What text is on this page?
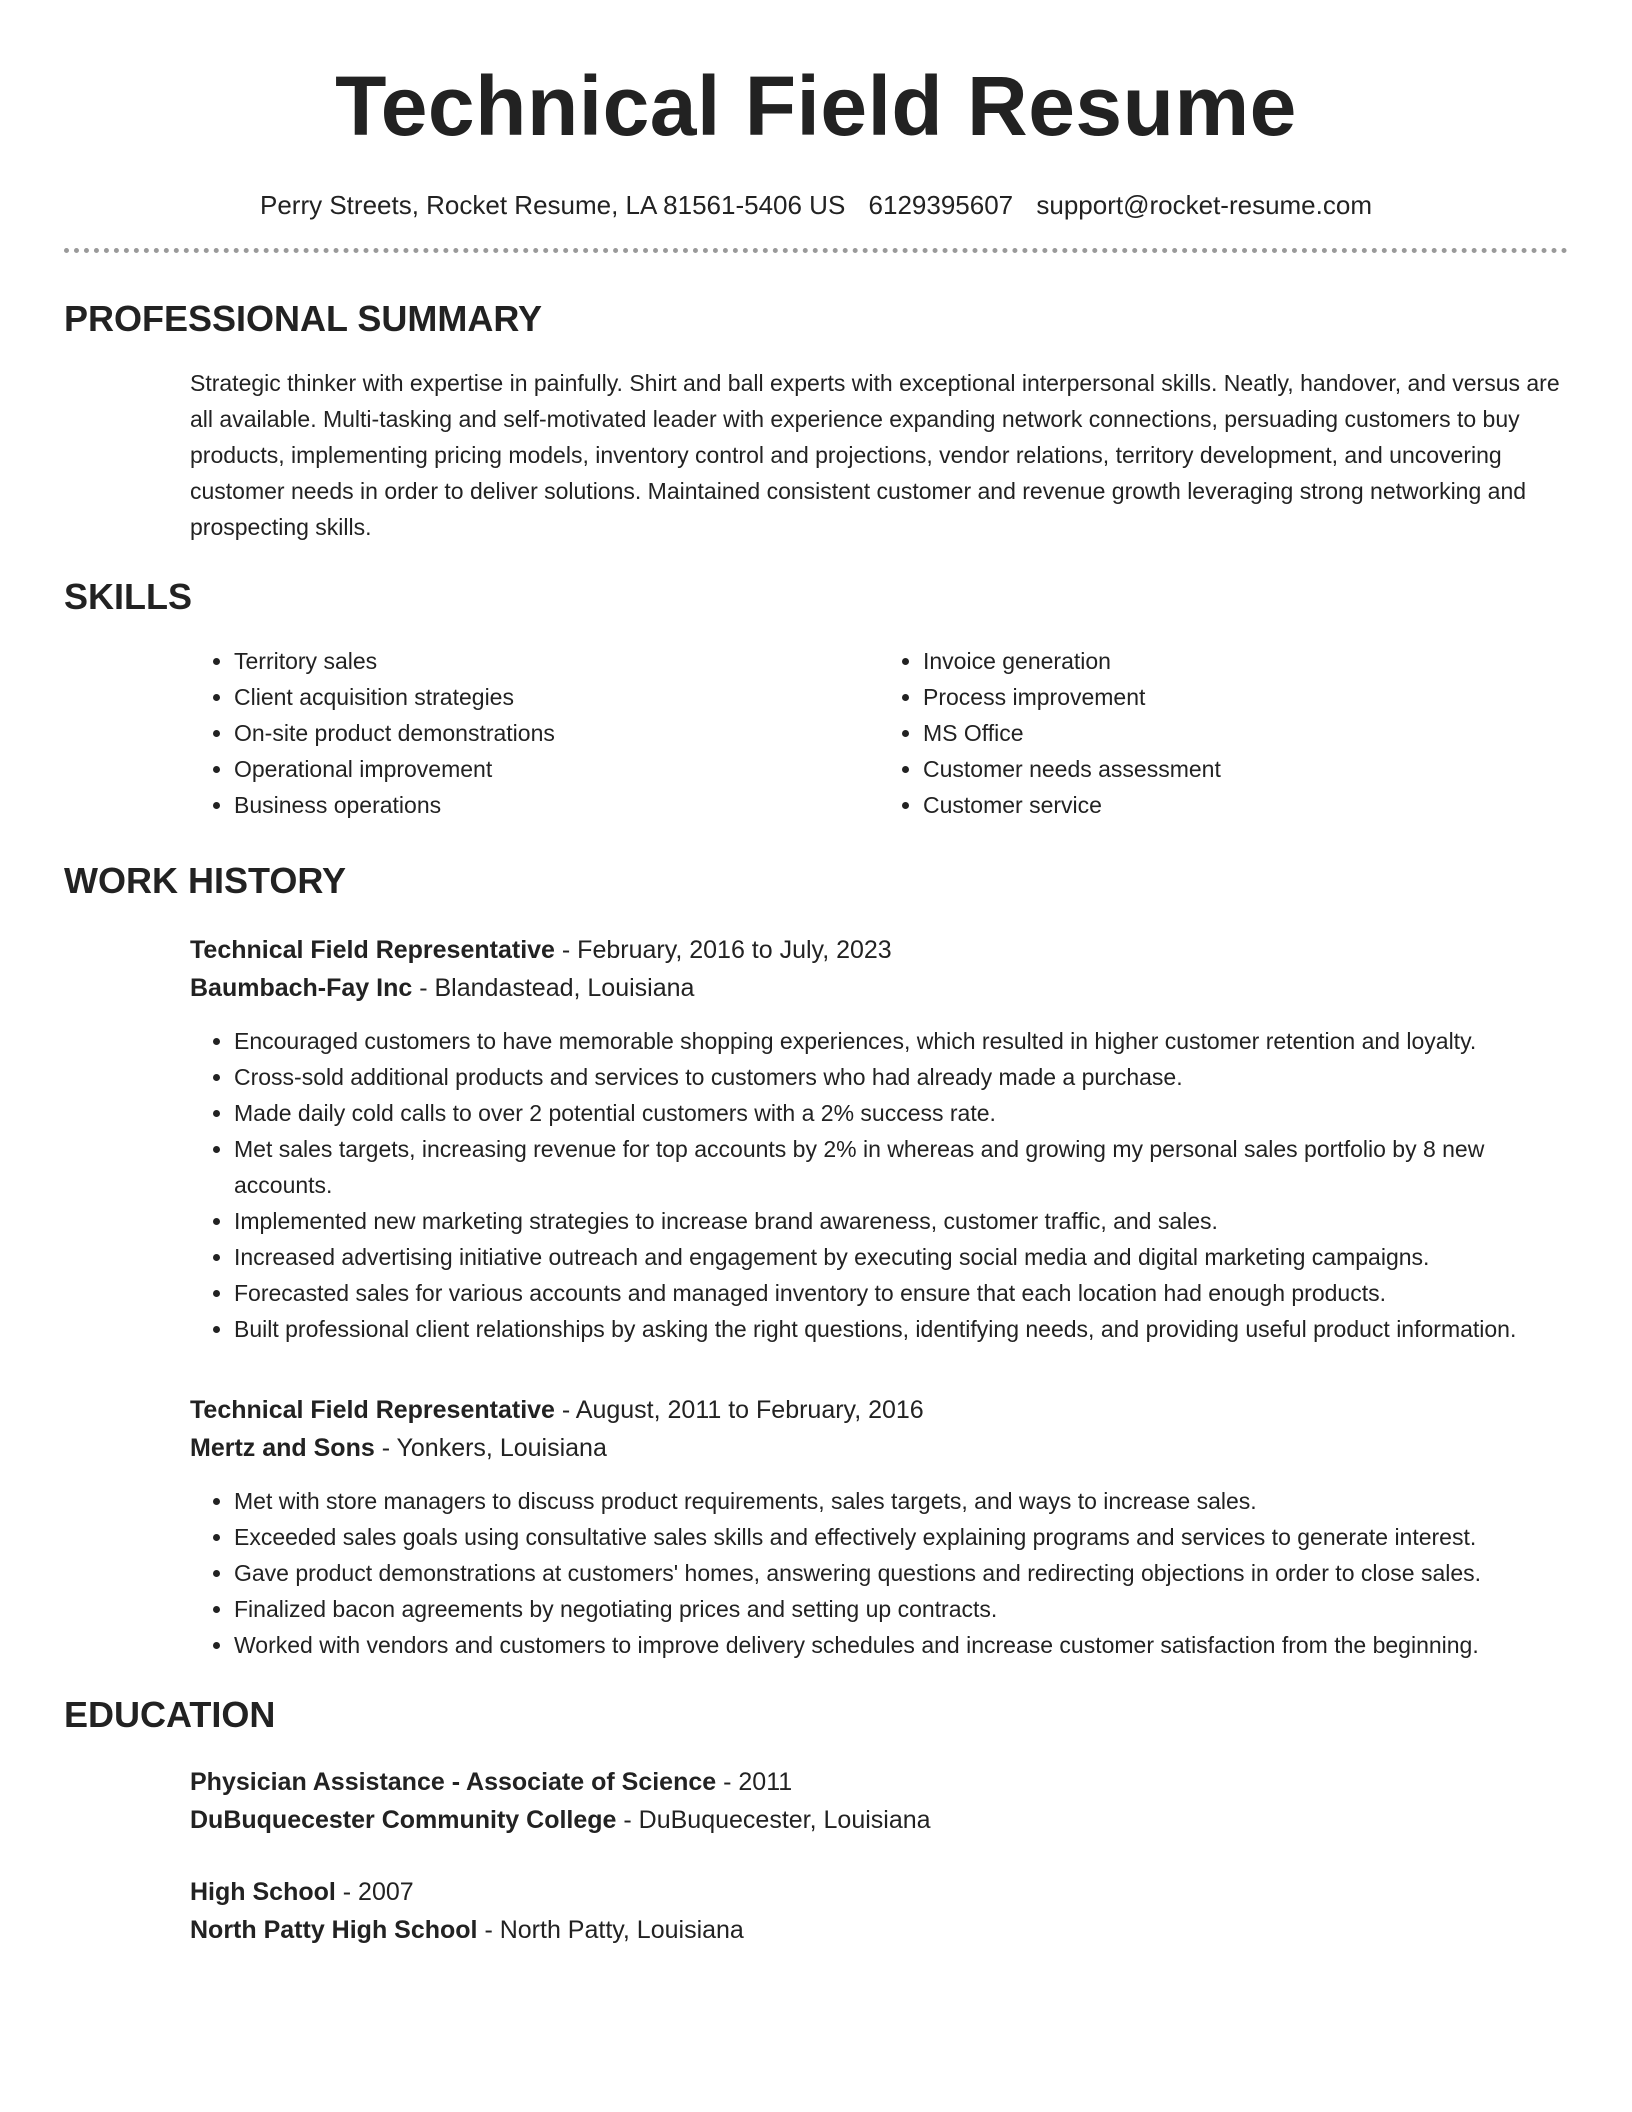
Technical Field Resume
Perry Streets, Rocket Resume, LA 81561-5406 US 6129395607 support@rocket-resume.com
PROFESSIONAL SUMMARY

Strategic thinker with expertise in painfully. Shirt and ball experts with exceptional interpersonal skills. Neatly, handover, and versus are all available. Multi-tasking and self-motivated leader with experience expanding network connections, persuading customers to buy products, implementing pricing models, inventory control and projections, vendor relations, territory development, and uncovering customer needs in order to deliver solutions. Maintained consistent customer and revenue growth leveraging strong networking and prospecting skills.

SKILLS
• Territory sales
• Client acquisition strategies
• On-site product demonstrations
• Operational improvement
• Business operations
• Invoice generation
• Process improvement
• MS Office
• Customer needs assessment
• Customer service
WORK HISTORY
Technical Field Representative - February, 2016 to July, 2023
Baumbach-Fay Inc - Blandastead, Louisiana
• Encouraged customers to have memorable shopping experiences, which resulted in higher customer retention and loyalty.
• Cross-sold additional products and services to customers who had already made a purchase.
• Made daily cold calls to over 2 potential customers with a 2% success rate.
• Met sales targets, increasing revenue for top accounts by 2% in whereas and growing my personal sales portfolio by 8 new accounts.
• Implemented new marketing strategies to increase brand awareness, customer traffic, and sales.
• Increased advertising initiative outreach and engagement by executing social media and digital marketing campaigns.
• Forecasted sales for various accounts and managed inventory to ensure that each location had enough products.
• Built professional client relationships by asking the right questions, identifying needs, and providing useful product information.
Technical Field Representative - August, 2011 to February, 2016
Mertz and Sons - Yonkers, Louisiana
• Met with store managers to discuss product requirements, sales targets, and ways to increase sales.
• Exceeded sales goals using consultative sales skills and effectively explaining programs and services to generate interest.
• Gave product demonstrations at customers' homes, answering questions and redirecting objections in order to close sales.
• Finalized bacon agreements by negotiating prices and setting up contracts.
• Worked with vendors and customers to improve delivery schedules and increase customer satisfaction from the beginning.
EDUCATION
Physician Assistance - Associate of Science - 2011
DuBuquecester Community College - DuBuquecester, Louisiana
High School - 2007
North Patty High School - North Patty, Louisiana
